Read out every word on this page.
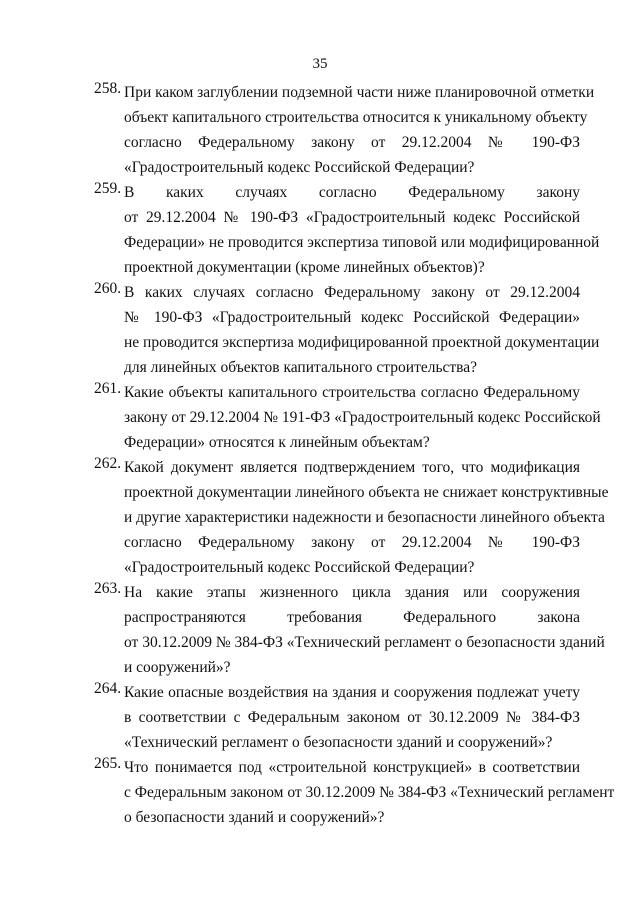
35
258. При каком заглублении подземной части ниже планировочной отметки
объект капитального строительства относится к уникальному объекту
согласно Федеральному закону от 29.12.2004 № 190-ФЗ
«Градостроительный кодекс Российской Федерации?
259. В каких случаях согласно Федеральному закону
от 29.12.2004 № 190-ФЗ «Градостроительный кодекс Российской
Федерации» не проводится экспертиза типовой или модифицированной
проектной документации (кроме линейных объектов)?
260. В каких случаях согласно Федеральному закону от 29.12.2004
№ 190-ФЗ «Градостроительный кодекс Российской Федерации»
не проводится экспертиза модифицированной проектной документации
для линейных объектов капитального строительства?
261. Какие объекты капитального строительства согласно Федеральному
закону от 29.12.2004 № 191-ФЗ «Градостроительный кодекс Российской
Федерации» относятся к линейным объектам?
262. Какой документ является подтверждением того, что модификация
проектной документации линейного объекта не снижает конструктивные
и другие характеристики надежности и безопасности линейного объекта
согласно Федеральному закону от 29.12.2004 № 190-ФЗ
«Градостроительный кодекс Российской Федерации?
263. На какие этапы жизненного цикла здания или сооружения
распространяются требования Федерального закона
от 30.12.2009 № 384-ФЗ «Технический регламент о безопасности зданий
и сооружений»?
264. Какие опасные воздействия на здания и сооружения подлежат учету
в соответствии с Федеральным законом от 30.12.2009 № 384-ФЗ
«Технический регламент о безопасности зданий и сооружений»?
265. Что понимается под «строительной конструкцией» в соответствии
с Федеральным законом от 30.12.2009 № 384-ФЗ «Технический регламент
о безопасности зданий и сооружений»?
